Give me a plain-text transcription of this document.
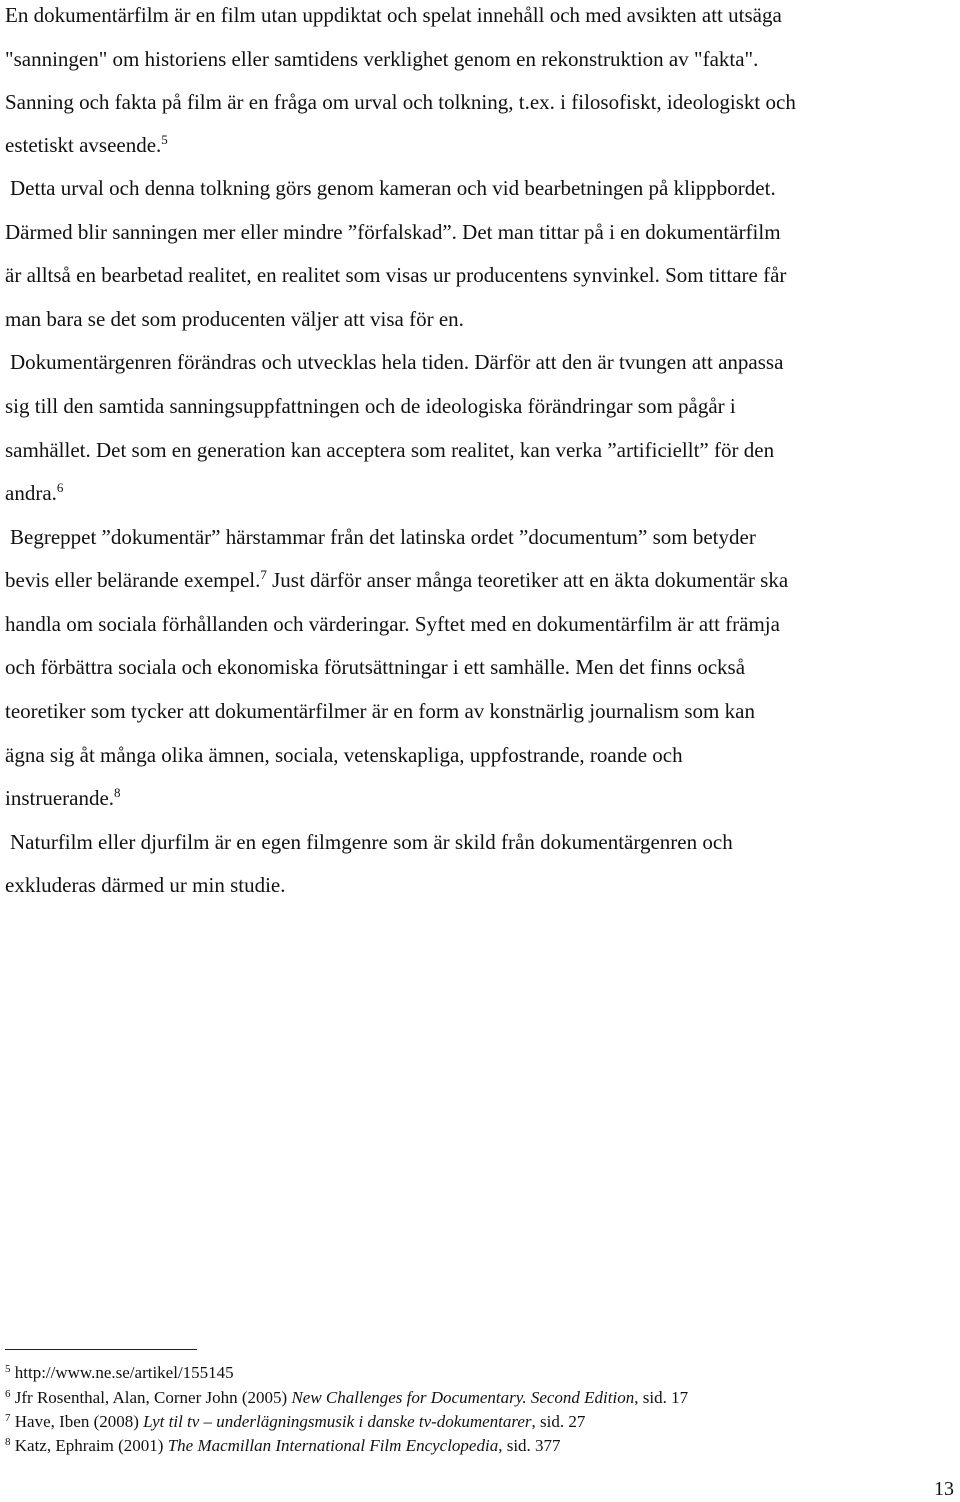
En dokumentärfilm är en film utan uppdiktat och spelat innehåll och med avsikten att utsäga
"sanningen" om historiens eller samtidens verklighet genom en rekonstruktion av "fakta".
Sanning och fakta på film är en fråga om urval och tolkning, t.ex. i filosofiskt, ideologiskt och
estetiskt avseende.$^5$
Detta urval och denna tolkning görs genom kameran och vid bearbetningen på klippbordet.
Därmed blir sanningen mer eller mindre ”förfalskad”. Det man tittar på i en dokumentärfilm
är alltså en bearbetad realitet, en realitet som visas ur producentens synvinkel. Som tittare får
man bara se det som producenten väljer att visa för en.
Dokumentärgenren förändras och utvecklas hela tiden. Därför att den är tvungen att anpassa
sig till den samtida sanningsuppfattningen och de ideologiska förändringar som pågår i
samhället. Det som en generation kan acceptera som realitet, kan verka ”artificiellt” för den
andra.$^6$
Begreppet ”dokumentär” härstammar från det latinska ordet ”documentum” som betyder
bevis eller belärande exempel.$^7$ Just därför anser många teoretiker att en äkta dokumentär ska
handla om sociala förhållanden och värderingar. Syftet med en dokumentärfilm är att främja
och förbättra sociala och ekonomiska förutsättningar i ett samhälle. Men det finns också
teoretiker som tycker att dokumentärfilmer är en form av konstnärlig journalism som kan
ägna sig åt många olika ämnen, sociala, vetenskapliga, uppfostrande, roande och
instruerande.$^8$
Naturfilm eller djurfilm är en egen filmgenre som är skild från dokumentärgenren och
exkluderas därmed ur min studie.
$^5$ http://www.ne.se/artikel/155145
$^6$ Jfr Rosenthal, Alan, Corner John (2005) New Challenges for Documentary. Second Edition, sid. 17
$^7$ Have, Iben (2008) Lyt til tv – underlägningsmusik i danske tv-dokumentarer, sid. 27
$^8$ Katz, Ephraim (2001) The Macmillan International Film Encyclopedia, sid. 377
13
